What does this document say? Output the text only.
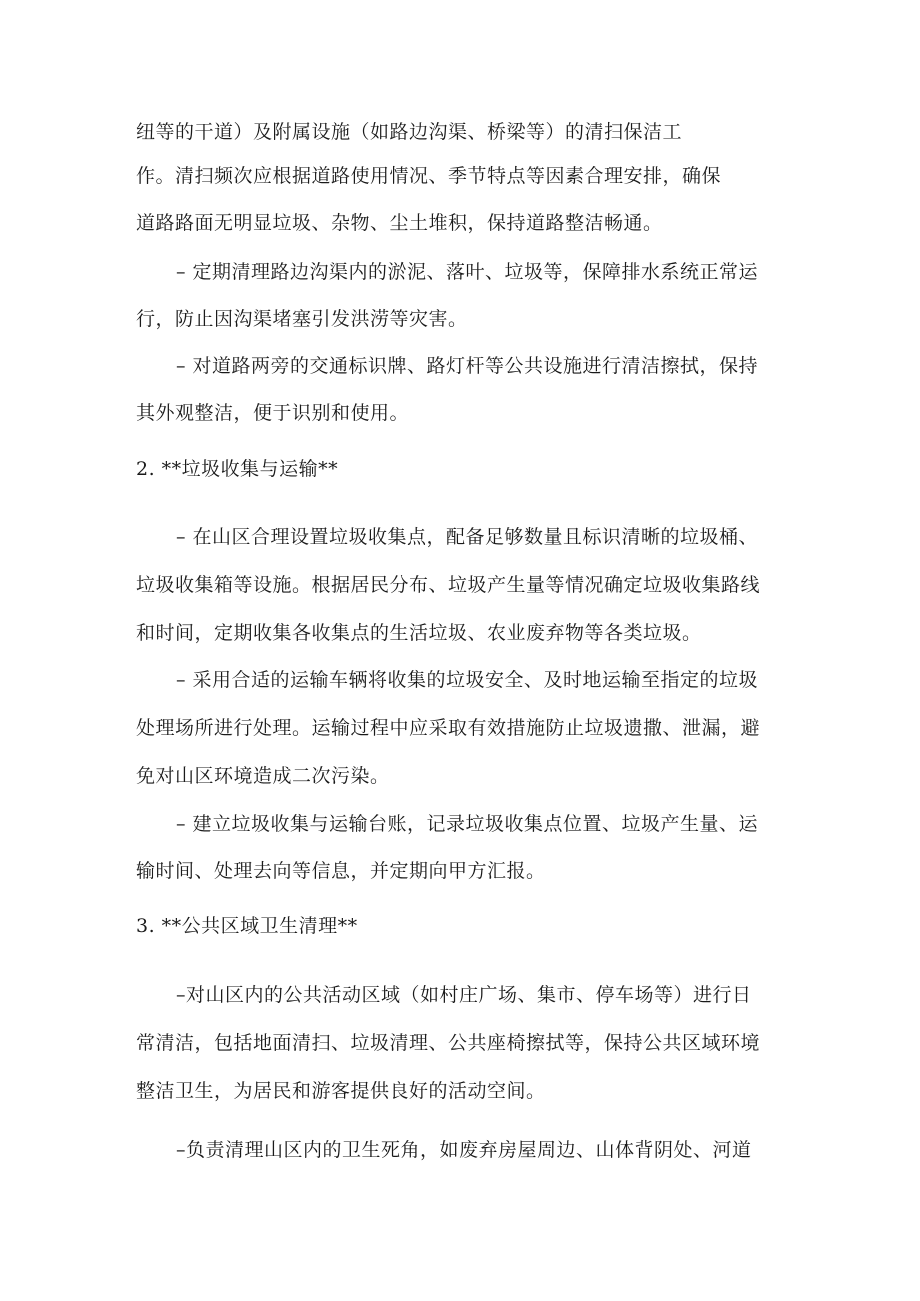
纽等的干道）及附属设施（如路边沟渠、桥梁等）的清扫保洁工
作。清扫频次应根据道路使用情况、季节特点等因素合理安排，确保
道路路面无明显垃圾、杂物、尘土堆积，保持道路整洁畅通。
– 定期清理路边沟渠内的淤泥、落叶、垃圾等，保障排水系统正常运
行，防止因沟渠堵塞引发洪涝等灾害。
– 对道路两旁的交通标识牌、路灯杆等公共设施进行清洁擦拭，保持
其外观整洁，便于识别和使用。
2. **垃圾收集与运输**
– 在山区合理设置垃圾收集点，配备足够数量且标识清晰的垃圾桶、
垃圾收集箱等设施。根据居民分布、垃圾产生量等情况确定垃圾收集路线
和时间，定期收集各收集点的生活垃圾、农业废弃物等各类垃圾。
– 采用合适的运输车辆将收集的垃圾安全、及时地运输至指定的垃圾
处理场所进行处理。运输过程中应采取有效措施防止垃圾遗撒、泄漏，避
免对山区环境造成二次污染。
– 建立垃圾收集与运输台账，记录垃圾收集点位置、垃圾产生量、运
输时间、处理去向等信息，并定期向甲方汇报。
3. **公共区域卫生清理**
–对山区内的公共活动区域（如村庄广场、集市、停车场等）进行日
常清洁，包括地面清扫、垃圾清理、公共座椅擦拭等，保持公共区域环境
整洁卫生，为居民和游客提供良好的活动空间。
–负责清理山区内的卫生死角，如废弃房屋周边、山体背阴处、河道
